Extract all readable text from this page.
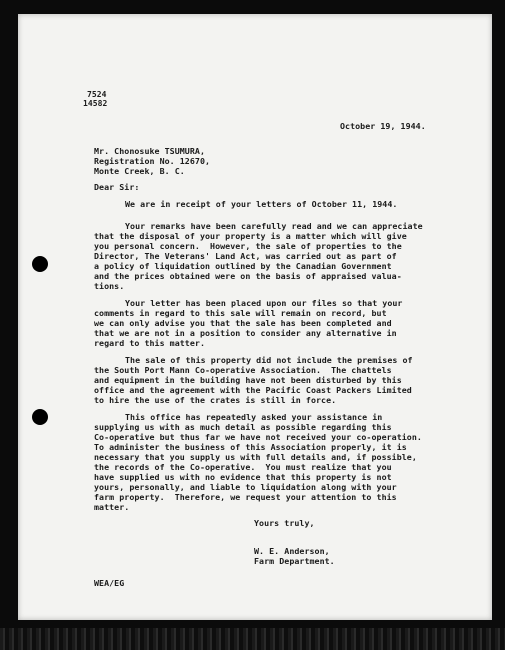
7524
14582
October 19, 1944.
Mr. Chonosuke TSUMURA,
Registration No. 12670,
Monte Creek, B. C.
Dear Sir:
We are in receipt of your letters of October 11, 1944.
Your remarks have been carefully read and we can appreciate
that the disposal of your property is a matter which will give
you personal concern.  However, the sale of properties to the
Director, The Veterans' Land Act, was carried out as part of
a policy of liquidation outlined by the Canadian Government
and the prices obtained were on the basis of appraised valua-
tions.
Your letter has been placed upon our files so that your
comments in regard to this sale will remain on record, but
we can only advise you that the sale has been completed and
that we are not in a position to consider any alternative in
regard to this matter.
The sale of this property did not include the premises of
the South Port Mann Co-operative Association.  The chattels
and equipment in the building have not been disturbed by this
office and the agreement with the Pacific Coast Packers Limited
to hire the use of the crates is still in force.
This office has repeatedly asked your assistance in
supplying us with as much detail as possible regarding this
Co-operative but thus far we have not received your co-operation.
To administer the business of this Association properly, it is
necessary that you supply us with full details and, if possible,
the records of the Co-operative.  You must realize that you
have supplied us with no evidence that this property is not
yours, personally, and liable to liquidation along with your
farm property.  Therefore, we request your attention to this
matter.
Yours truly,
W. E. Anderson,
Farm Department.
WEA/EG
